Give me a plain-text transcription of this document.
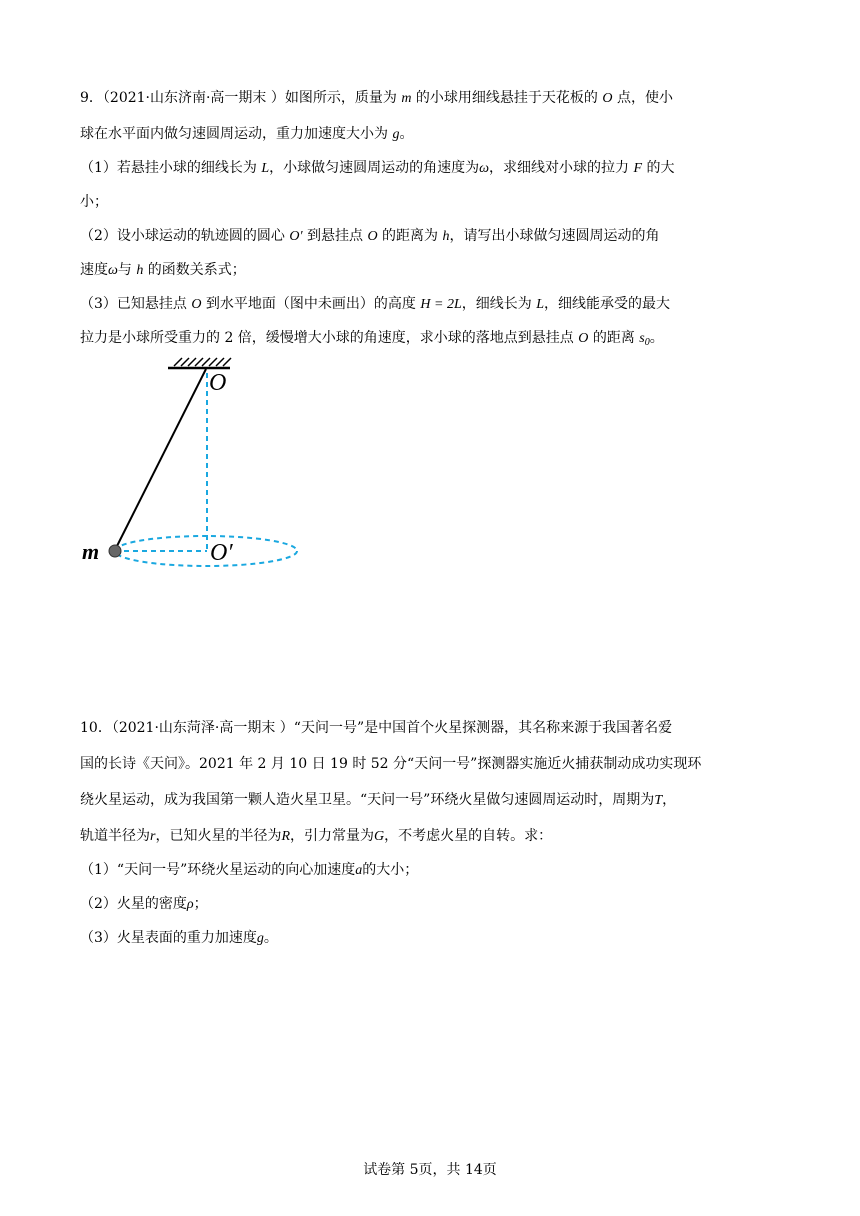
9．（2021·山东济南·高一期末 ）如图所示，质量为 m 的小球用细线悬挂于天花板的 O 点，使小
球在水平面内做匀速圆周运动，重力加速度大小为 g。
（1）若悬挂小球的细线长为 L，小球做匀速圆周运动的角速度为ω，求细线对小球的拉力 F 的大
小；
（2）设小球运动的轨迹圆的圆心 O′ 到悬挂点 O 的距离为 h，请写出小球做匀速圆周运动的角
速度ω与 h 的函数关系式；
（3）已知悬挂点 O 到水平地面（图中未画出）的高度 H = 2L，细线长为 L，细线能承受的最大
拉力是小球所受重力的 2 倍，缓慢增大小球的角速度，求小球的落地点到悬挂点 O 的距离 $s_0$。
O
O′
m
10．（2021·山东菏泽·高一期末 ）“天问一号”是中国首个火星探测器，其名称来源于我国著名爱
国的长诗《天问》。2021 年 2 月 10 日 19 时 52 分“天问一号”探测器实施近火捕获制动成功实现环
绕火星运动，成为我国第一颗人造火星卫星。“天问一号”环绕火星做匀速圆周运动时，周期为T，
轨道半径为r，已知火星的半径为R，引力常量为G，不考虑火星的自转。求：
（1）“天问一号”环绕火星运动的向心加速度a的大小；
（2）火星的密度ρ；
（3）火星表面的重力加速度g。
试卷第 5页，共 14页
